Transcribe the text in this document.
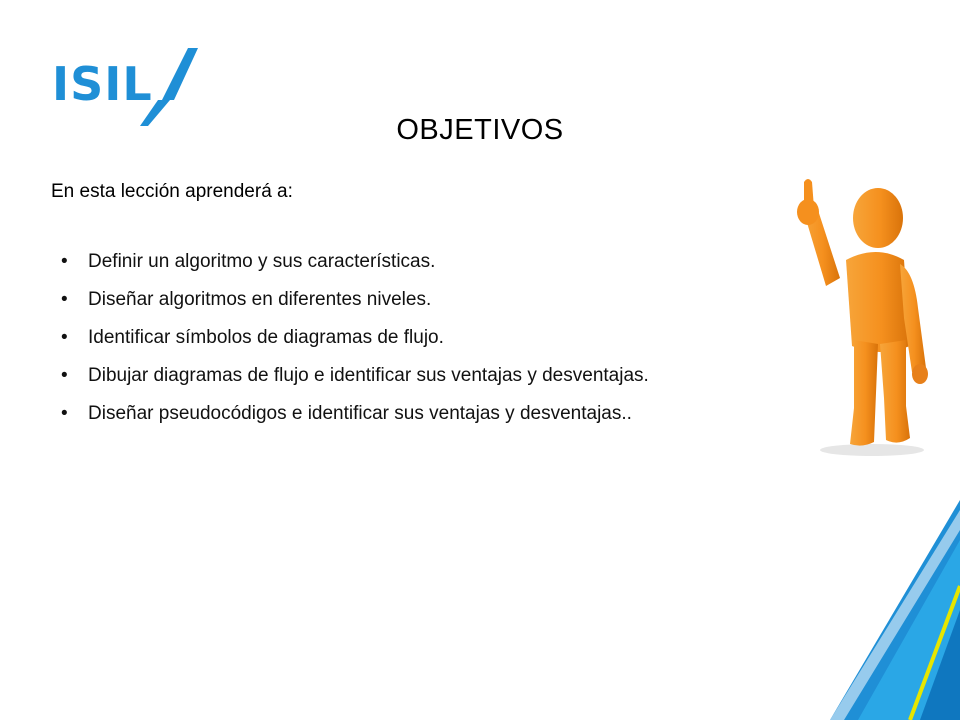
ISIL
OBJETIVOS
En esta lección aprenderá a:
• Definir un algoritmo y sus características.
• Diseñar algoritmos en diferentes niveles.
• Identificar símbolos de diagramas de flujo.
• Dibujar diagramas de flujo e identificar sus ventajas y desventajas.
• Diseñar pseudocódigos e identificar sus ventajas y desventajas..
